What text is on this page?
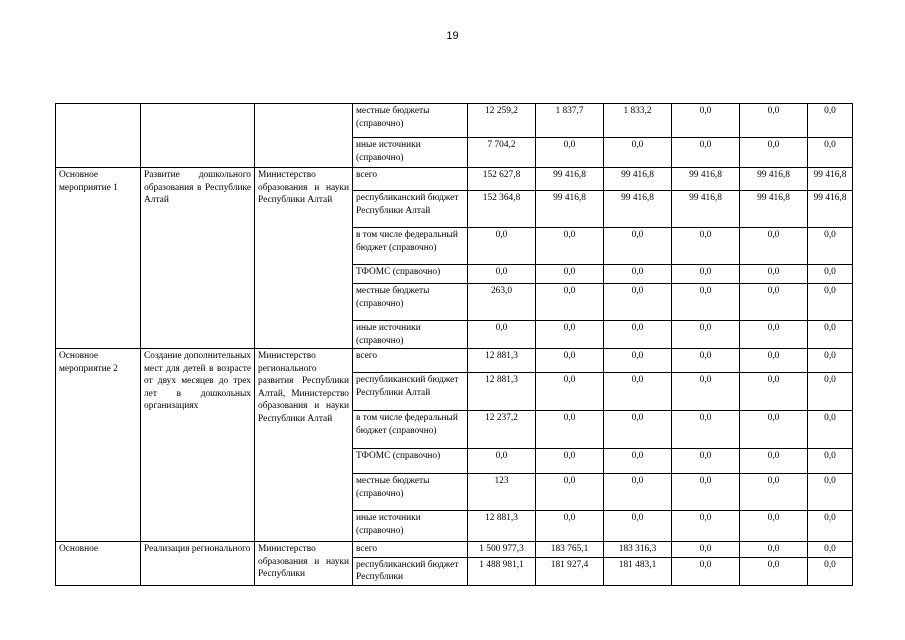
19
			местные бюджеты (справочно)	12 259,2	1 837,7	1 833,2	0,0	0,0	0,0
			иные источники (справочно)	7 704,2	0,0	0,0	0,0	0,0	0,0
Основное мероприятие 1	Развитие дошкольного образования в Республике Алтай	Министерство образования и науки Республики Алтай	всего	152 627,8	99 416,8	99 416,8	99 416,8	99 416,8	99 416,8
			республиканский бюджет Республики Алтай	152 364,8	99 416,8	99 416,8	99 416,8	99 416,8	99 416,8
			в том числе федеральный бюджет (справочно)	0,0	0,0	0,0	0,0	0,0	0,0
			ТФОМС (справочно)	0,0	0,0	0,0	0,0	0,0	0,0
			местные бюджеты (справочно)	263,0	0,0	0,0	0,0	0,0	0,0
			иные источники (справочно)	0,0	0,0	0,0	0,0	0,0	0,0
Основное мероприятие 2	Создание дополнительных мест для детей в возрасте от двух месяцев до трех лет в дошкольных организациях	Министерство регионального развития Республики Алтай, Министерство образования и науки Республики Алтай	всего	12 881,3	0,0	0,0	0,0	0,0	0,0
			республиканский бюджет Республики Алтай	12 881,3	0,0	0,0	0,0	0,0	0,0
			в том числе федеральный бюджет (справочно)	12 237,2	0,0	0,0	0,0	0,0	0,0
			ТФОМС (справочно)	0,0	0,0	0,0	0,0	0,0	0,0
			местные бюджеты (справочно)	123	0,0	0,0	0,0	0,0	0,0
			иные источники (справочно)	12 881,3	0,0	0,0	0,0	0,0	0,0
Основное	Реализация регионального	Министерство образования и науки Республики	всего	1 500 977,3	183 765,1	183 316,3	0,0	0,0	0,0
			республиканский бюджет Республики	1 488 981,1	181 927,4	181 483,1	0,0	0,0	0,0
